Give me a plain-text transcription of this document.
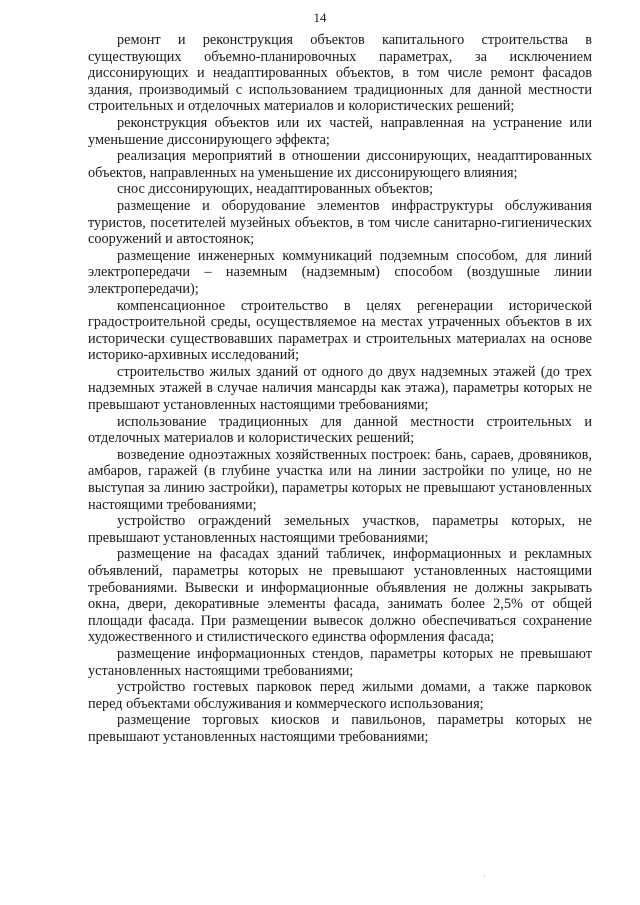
14

ремонт и реконструкция объектов капитального строительства в существующих объемно-планировочных параметрах, за исключением диссонирующих и неадаптированных объектов, в том числе ремонт фасадов здания, производимый с использованием традиционных для данной местности строительных и отделочных материалов и колористических решений;

реконструкция объектов или их частей, направленная на устранение или уменьшение диссонирующего эффекта;

реализация мероприятий в отношении диссонирующих, неадаптированных объектов, направленных на уменьшение их диссонирующего влияния;

снос диссонирующих, неадаптированных объектов;

размещение и оборудование элементов инфраструктуры обслуживания туристов, посетителей музейных объектов, в том числе санитарно-гигиенических сооружений и автостоянок;

размещение инженерных коммуникаций подземным способом, для линий электропередачи – наземным (надземным) способом (воздушные линии электропередачи);

компенсационное строительство в целях регенерации исторической градостроительной среды, осуществляемое на местах утраченных объектов в их исторически существовавших параметрах и строительных материалах на основе историко-архивных исследований;

строительство жилых зданий от одного до двух надземных этажей (до трех надземных этажей в случае наличия мансарды как этажа), параметры которых не превышают установленных настоящими требованиями;

использование традиционных для данной местности строительных и отделочных материалов и колористических решений;

возведение одноэтажных хозяйственных построек: бань, сараев, дровяников, амбаров, гаражей (в глубине участка или на линии застройки по улице, но не выступая за линию застройки), параметры которых не превышают установленных настоящими требованиями;

устройство ограждений земельных участков, параметры которых, не превышают установленных настоящими требованиями;

размещение на фасадах зданий табличек, информационных и рекламных объявлений, параметры которых не превышают установленных настоящими требованиями. Вывески и информационные объявления не должны закрывать окна, двери, декоративные элементы фасада, занимать более 2,5% от общей площади фасада. При размещении вывесок должно обеспечиваться сохранение художественного и стилистического единства оформления фасада;

размещение информационных стендов, параметры которых не превышают установленных настоящими требованиями;

устройство гостевых парковок перед жилыми домами, а также парковок перед объектами обслуживания и коммерческого использования;

размещение торговых киосков и павильонов, параметры которых не превышают установленных настоящими требованиями;

'
